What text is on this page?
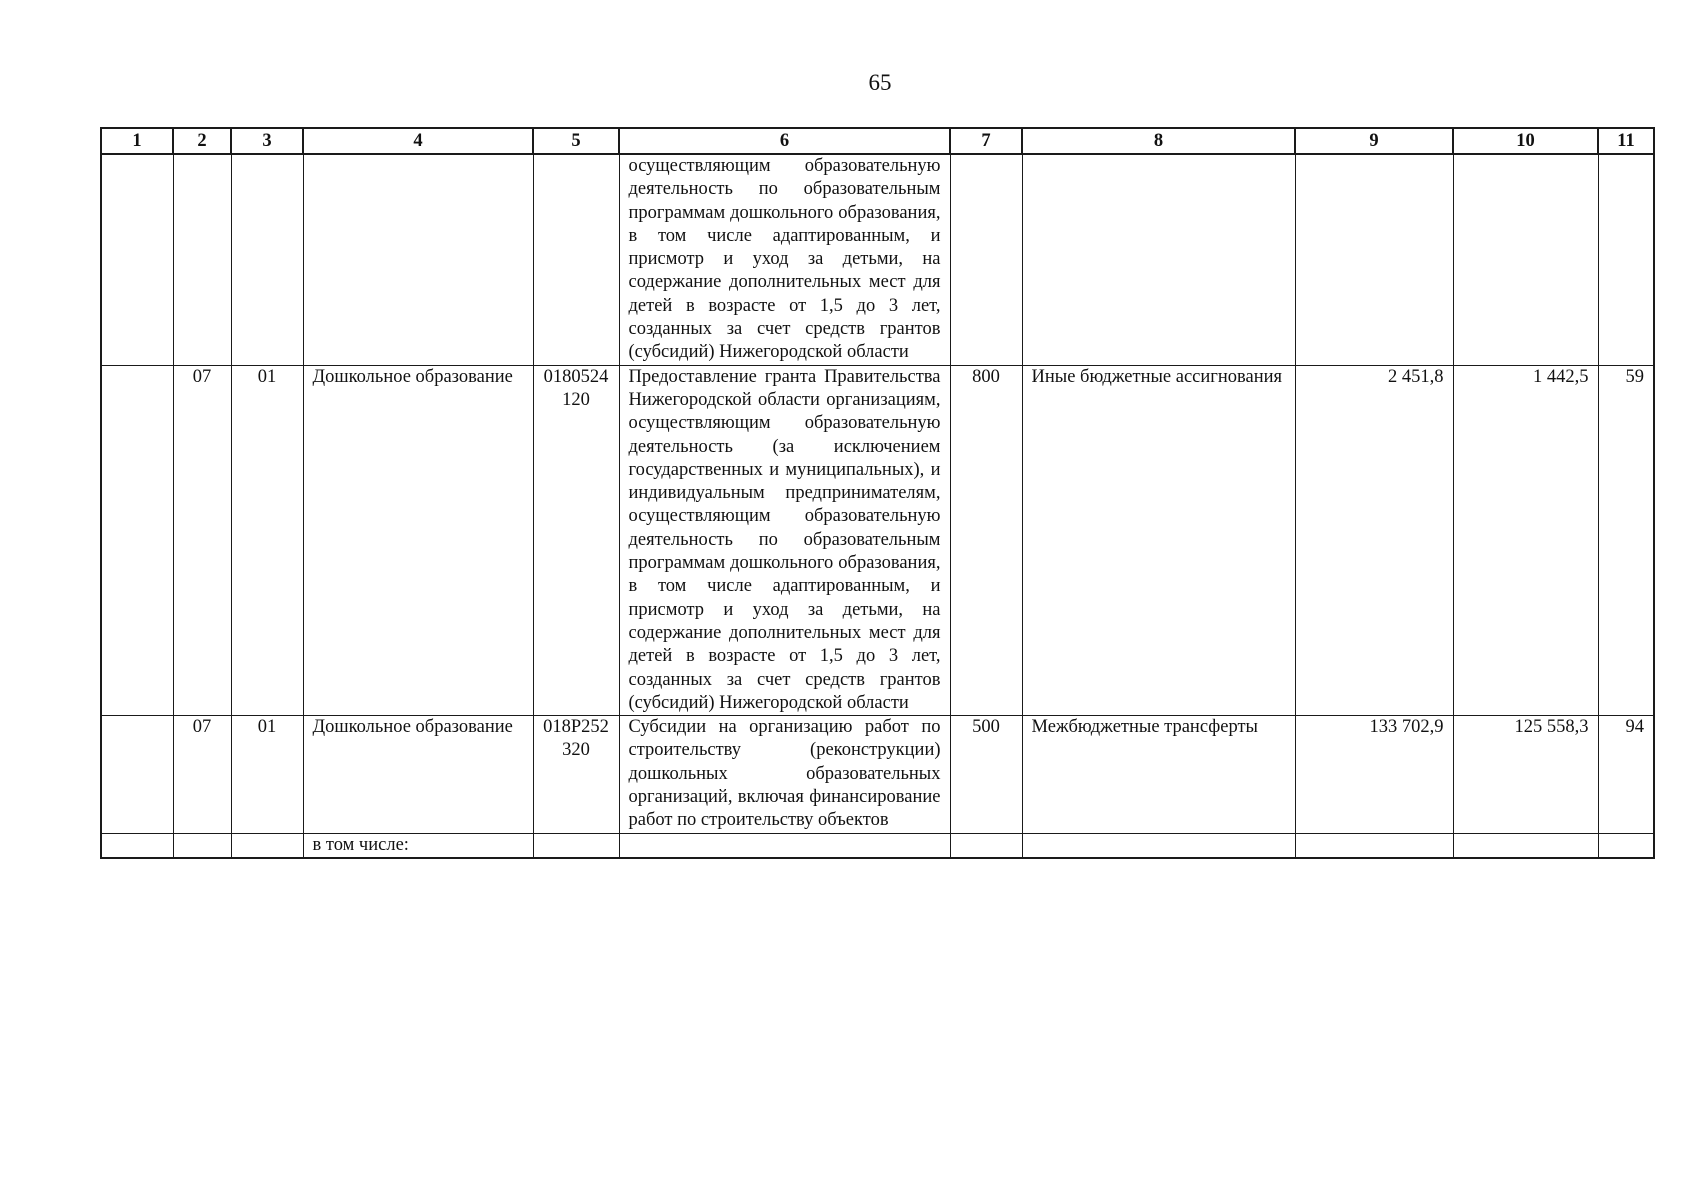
65
1	2	3	4	5	6	7	8	9	10	11
					осуществляющим образовательную деятельность по образовательным программам дошкольного образования, в том числе адаптированным, и присмотр и уход за детьми, на содержание дополнительных мест для детей в возрасте от 1,5 до 3 лет, созданных за счет средств грантов (субсидий) Нижегородской области					
	07	01	Дошкольное образование	0180524120	Предоставление гранта Правительства Нижегородской области организациям, осуществляющим образовательную деятельность (за исключением государственных и муниципальных), и индивидуальным предпринимателям, осуществляющим образовательную деятельность по образовательным программам дошкольного образования, в том числе адаптированным, и присмотр и уход за детьми, на содержание дополнительных мест для детей в возрасте от 1,5 до 3 лет, созданных за счет средств грантов (субсидий) Нижегородской области	800	Иные бюджетные ассигнования	2 451,8	1 442,5	59
	07	01	Дошкольное образование	018P252320	Субсидии на организацию работ по строительству (реконструкции) дошкольных образовательных организаций, включая финансирование работ по строительству объектов	500	Межбюджетные трансферты	133 702,9	125 558,3	94
			в том числе:							
